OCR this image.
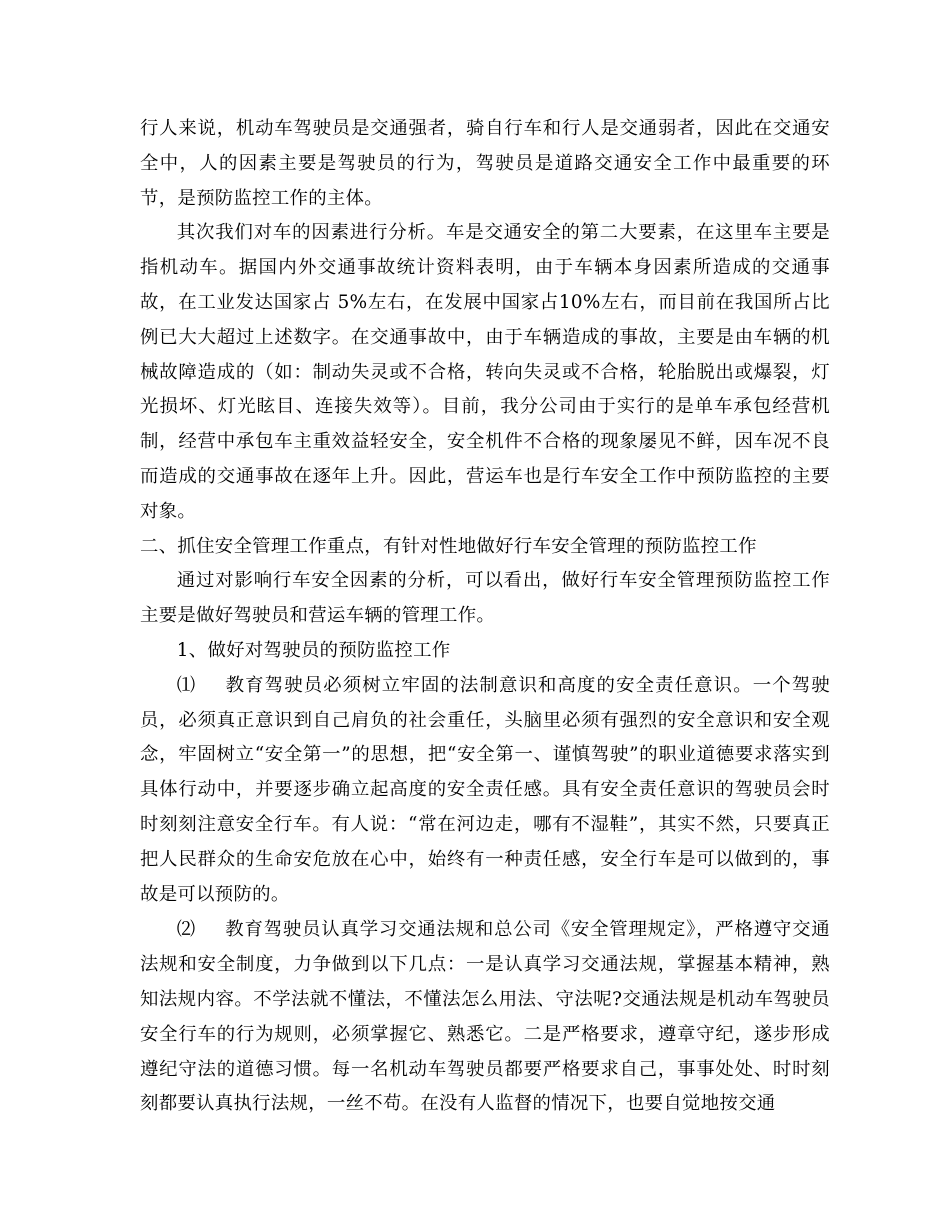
行人来说，机动车驾驶员是交通强者，骑自行车和行人是交通弱者，因此在交通安全中，人的因素主要是驾驶员的行为，驾驶员是道路交通安全工作中最重要的环节，是预防监控工作的主体。

其次我们对车的因素进行分析。车是交通安全的第二大要素，在这里车主要是指机动车。据国内外交通事故统计资料表明，由于车辆本身因素所造成的交通事故，在工业发达国家占 5%左右，在发展中国家占10%左右，而目前在我国所占比例已大大超过上述数字。在交通事故中，由于车辆造成的事故，主要是由车辆的机械故障造成的（如：制动失灵或不合格，转向失灵或不合格，轮胎脱出或爆裂，灯光损坏、灯光眩目、连接失效等）。目前，我分公司由于实行的是单车承包经营机制，经营中承包车主重效益轻安全，安全机件不合格的现象屡见不鲜，因车况不良而造成的交通事故在逐年上升。因此，营运车也是行车安全工作中预防监控的主要对象。

二、抓住安全管理工作重点，有针对性地做好行车安全管理的预防监控工作

通过对影响行车安全因素的分析，可以看出，做好行车安全管理预防监控工作主要是做好驾驶员和营运车辆的管理工作。

1、做好对驾驶员的预防监控工作

⑴ 教育驾驶员必须树立牢固的法制意识和高度的安全责任意识。一个驾驶员，必须真正意识到自己肩负的社会重任，头脑里必须有强烈的安全意识和安全观念，牢固树立“安全第一”的思想，把“安全第一、谨慎驾驶”的职业道德要求落实到具体行动中，并要逐步确立起高度的安全责任感。具有安全责任意识的驾驶员会时时刻刻注意安全行车。有人说：“常在河边走，哪有不湿鞋”，其实不然，只要真正把人民群众的生命安危放在心中，始终有一种责任感，安全行车是可以做到的，事故是可以预防的。

⑵ 教育驾驶员认真学习交通法规和总公司《安全管理规定》，严格遵守交通法规和安全制度，力争做到以下几点：一是认真学习交通法规，掌握基本精神，熟知法规内容。不学法就不懂法，不懂法怎么用法、守法呢?交通法规是机动车驾驶员安全行车的行为规则，必须掌握它、熟悉它。二是严格要求，遵章守纪，遂步形成遵纪守法的道德习惯。每一名机动车驾驶员都要严格要求自己，事事处处、时时刻刻都要认真执行法规，一丝不苟。在没有人监督的情况下，也要自觉地按交通
